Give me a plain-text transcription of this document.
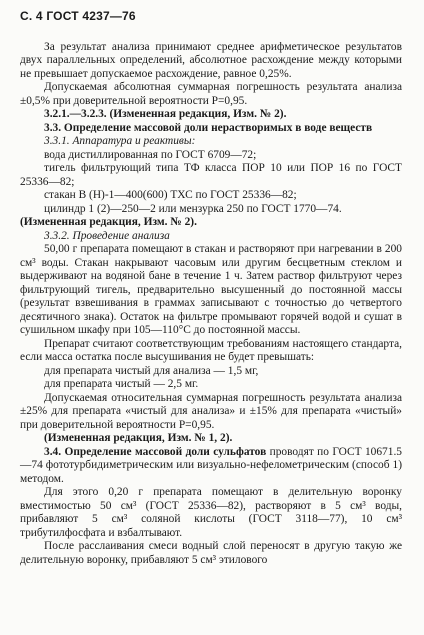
С. 4 ГОСТ 4237—76

За результат анализа принимают среднее арифметическое результатов двух параллельных определений, абсолютное расхождение между которыми не превышает допускаемое расхождение, равное 0,25%.

Допускаемая абсолютная суммарная погрешность результата анализа ±0,5% при доверительной вероятности P=0,95.

3.2.1.—3.2.3. (Измененная редакция, Изм. № 2).

3.3. Определение массовой доли нерастворимых в воде веществ

3.3.1. Аппаратура и реактивы:

вода дистиллированная по ГОСТ 6709—72;

тигель фильтрующий типа ТФ класса ПОР 10 или ПОР 16 по ГОСТ 25336—82;

стакан В (Н)-1—400(600) ТХС по ГОСТ 25336—82;

цилиндр 1 (2)—250—2 или мензурка 250 по ГОСТ 1770—74.

(Измененная редакция, Изм. № 2).

3.3.2. Проведение анализа

50,00 г препарата помещают в стакан и растворяют при нагревании в 200 см³ воды. Стакан накрывают часовым или другим бесцветным стеклом и выдерживают на водяной бане в течение 1 ч. Затем раствор фильтруют через фильтрующий тигель, предварительно высушенный до постоянной массы (результат взвешивания в граммах записывают с точностью до четвертого десятичного знака). Остаток на фильтре промывают горячей водой и сушат в сушильном шкафу при 105—110°С до постоянной массы.

Препарат считают соответствующим требованиям настоящего стандарта, если масса остатка после высушивания не будет превышать:

для препарата чистый для анализа — 1,5 мг,

для препарата чистый — 2,5 мг.

Допускаемая относительная суммарная погрешность результата анализа ±25% для препарата «чистый для анализа» и ±15% для препарата «чистый» при доверительной вероятности P=0,95.

(Измененная редакция, Изм. № 1, 2).

3.4. Определение массовой доли сульфатов проводят по ГОСТ 10671.5—74 фототурбидиметрическим или визуально-нефелометрическим (способ 1) методом.

Для этого 0,20 г препарата помещают в делительную воронку вместимостью 50 см³ (ГОСТ 25336—82), растворяют в 5 см³ воды, прибавляют 5 см³ соляной кислоты (ГОСТ 3118—77), 10 см³ трибутилфосфата и взбалтывают.

После расслаивания смеси водный слой переносят в другую такую же делительную воронку, прибавляют 5 см³ этилового
